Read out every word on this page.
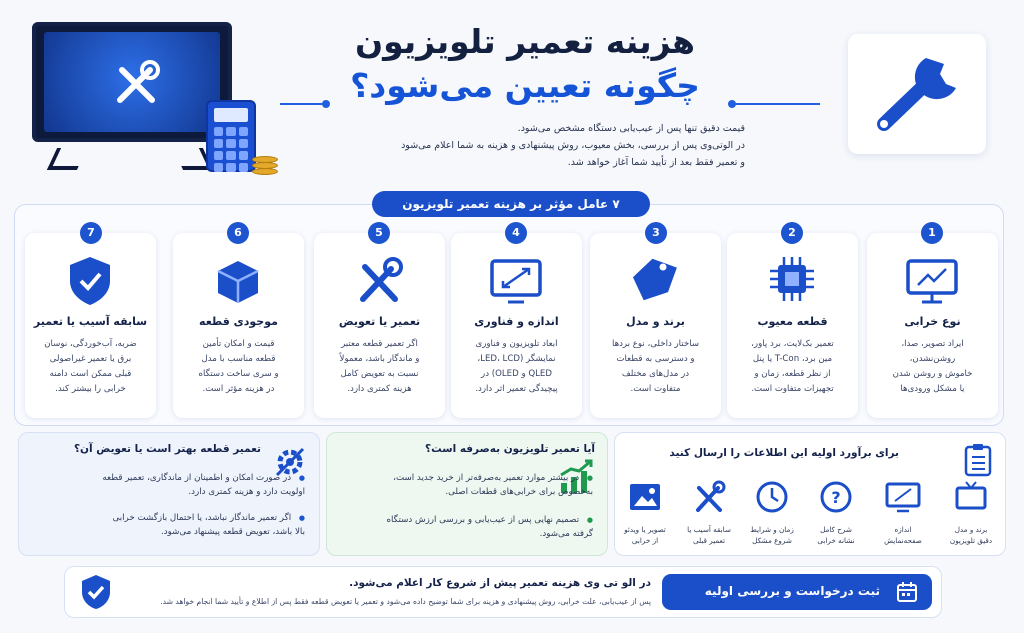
هزینه تعمیر تلویزیون
چگونه تعیین می‌شود؟
قیمت دقیق تنها پس از عیب‌یابی دستگاه مشخص می‌شود.
در الوتی‌وی پس از بررسی، بخش معیوب، روش پیشنهادی و هزینه به شما اعلام می‌شود
و تعمیر فقط بعد از تأیید شما آغاز خواهد شد.
۷ عامل مؤثر بر هزینه تعمیر تلویزیون
نوع خرابی
ایراد تصویر، صدا،
روشن‌نشدن،
خاموش و روشن شدن
یا مشکل ورودی‌ها
1
قطعه معیوب
تعمیر بک‌لایت، برد پاور،
مین برد، T-Con یا پنل
از نظر قطعه، زمان و
تجهیزات متفاوت است.
2
برند و مدل
ساختار داخلی، نوع بردها
و دسترسی به قطعات
در مدل‌های مختلف
متفاوت است.
3
اندازه و فناوری
ابعاد تلویزیون و فناوری
نمایشگر (LED، LCD،
QLED و OLED) در
پیچیدگی تعمیر اثر دارد.
4
تعمیر یا تعویض
اگر تعمیر قطعه معتبر
و ماندگار باشد، معمولاً
نسبت به تعویض کامل
هزینه کمتری دارد.
5
موجودی قطعه
قیمت و امکان تأمین
قطعه مناسب با مدل
و سری ساخت دستگاه
در هزینه مؤثر است.
6
سابقه آسیب یا تعمیر
ضربه، آب‌خوردگی، نوسان
برق یا تعمیر غیراصولی
قبلی ممکن است دامنه
خرابی را بیشتر کند.
7
تعمیر قطعه بهتر است یا تعویض آن؟
● در صورت امکان و اطمینان از ماندگاری، تعمیر قطعه
اولویت دارد و هزینه کمتری دارد.
● اگر تعمیر ماندگار نباشد، یا احتمال بازگشت خرابی
بالا باشد، تعویض قطعه پیشنهاد می‌شود.
آیا تعمیر تلویزیون به‌صرفه است؟
● در بیشتر موارد تعمیر به‌صرفه‌تر از خرید جدید است،
به‌خصوص برای خرابی‌های قطعات اصلی.
● تصمیم نهایی پس از عیب‌یابی و بررسی ارزش دستگاه
گرفته می‌شود.
برای برآورد اولیه این اطلاعات را ارسال کنید
برند و مدل
دقیق تلویزیون
اندازه
صفحه‌نمایش
?
شرح کامل
نشانه خرابی
زمان و شرایط
شروع مشکل
سابقه آسیب یا
تعمیر قبلی
تصویر یا ویدئو
از خرابی
در الو تی وی هزینه تعمیر پیش از شروع کار اعلام می‌شود.
پس از عیب‌یابی، علت خرابی، روش پیشنهادی و هزینه برای شما توضیح داده می‌شود و تعمیر یا تعویض قطعه فقط پس از اطلاع و تأیید شما انجام خواهد شد.
ثبت درخواست و بررسی اولیه
